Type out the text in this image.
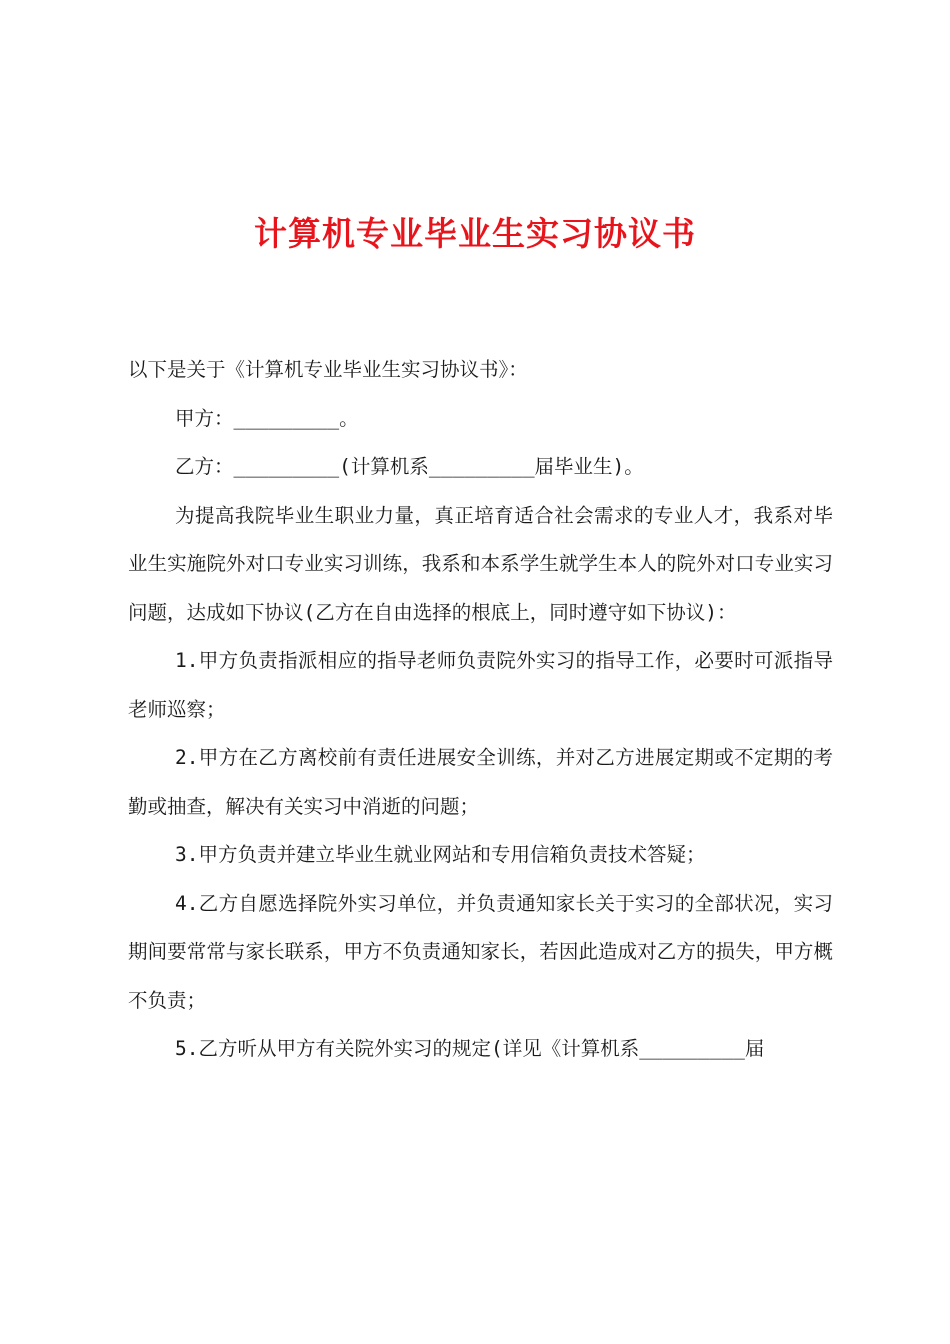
计算机专业毕业生实习协议书

以下是关于《计算机专业毕业生实习协议书》：

甲方：_________。

乙方：_________(计算机系_________届毕业生)。

为提高我院毕业生职业力量，真正培育适合社会需求的专业人才，我系对毕业生实施院外对口专业实习训练，我系和本系学生就学生本人的院外对口专业实习问题，达成如下协议(乙方在自由选择的根底上，同时遵守如下协议)：

1.甲方负责指派相应的指导老师负责院外实习的指导工作，必要时可派指导老师巡察；

2.甲方在乙方离校前有责任进展安全训练，并对乙方进展定期或不定期的考勤或抽查，解决有关实习中消逝的问题；

3.甲方负责并建立毕业生就业网站和专用信箱负责技术答疑；

4.乙方自愿选择院外实习单位，并负责通知家长关于实习的全部状况，实习期间要常常与家长联系，甲方不负责通知家长，若因此造成对乙方的损失，甲方概不负责；

5.乙方听从甲方有关院外实习的规定(详见《计算机系_________届
